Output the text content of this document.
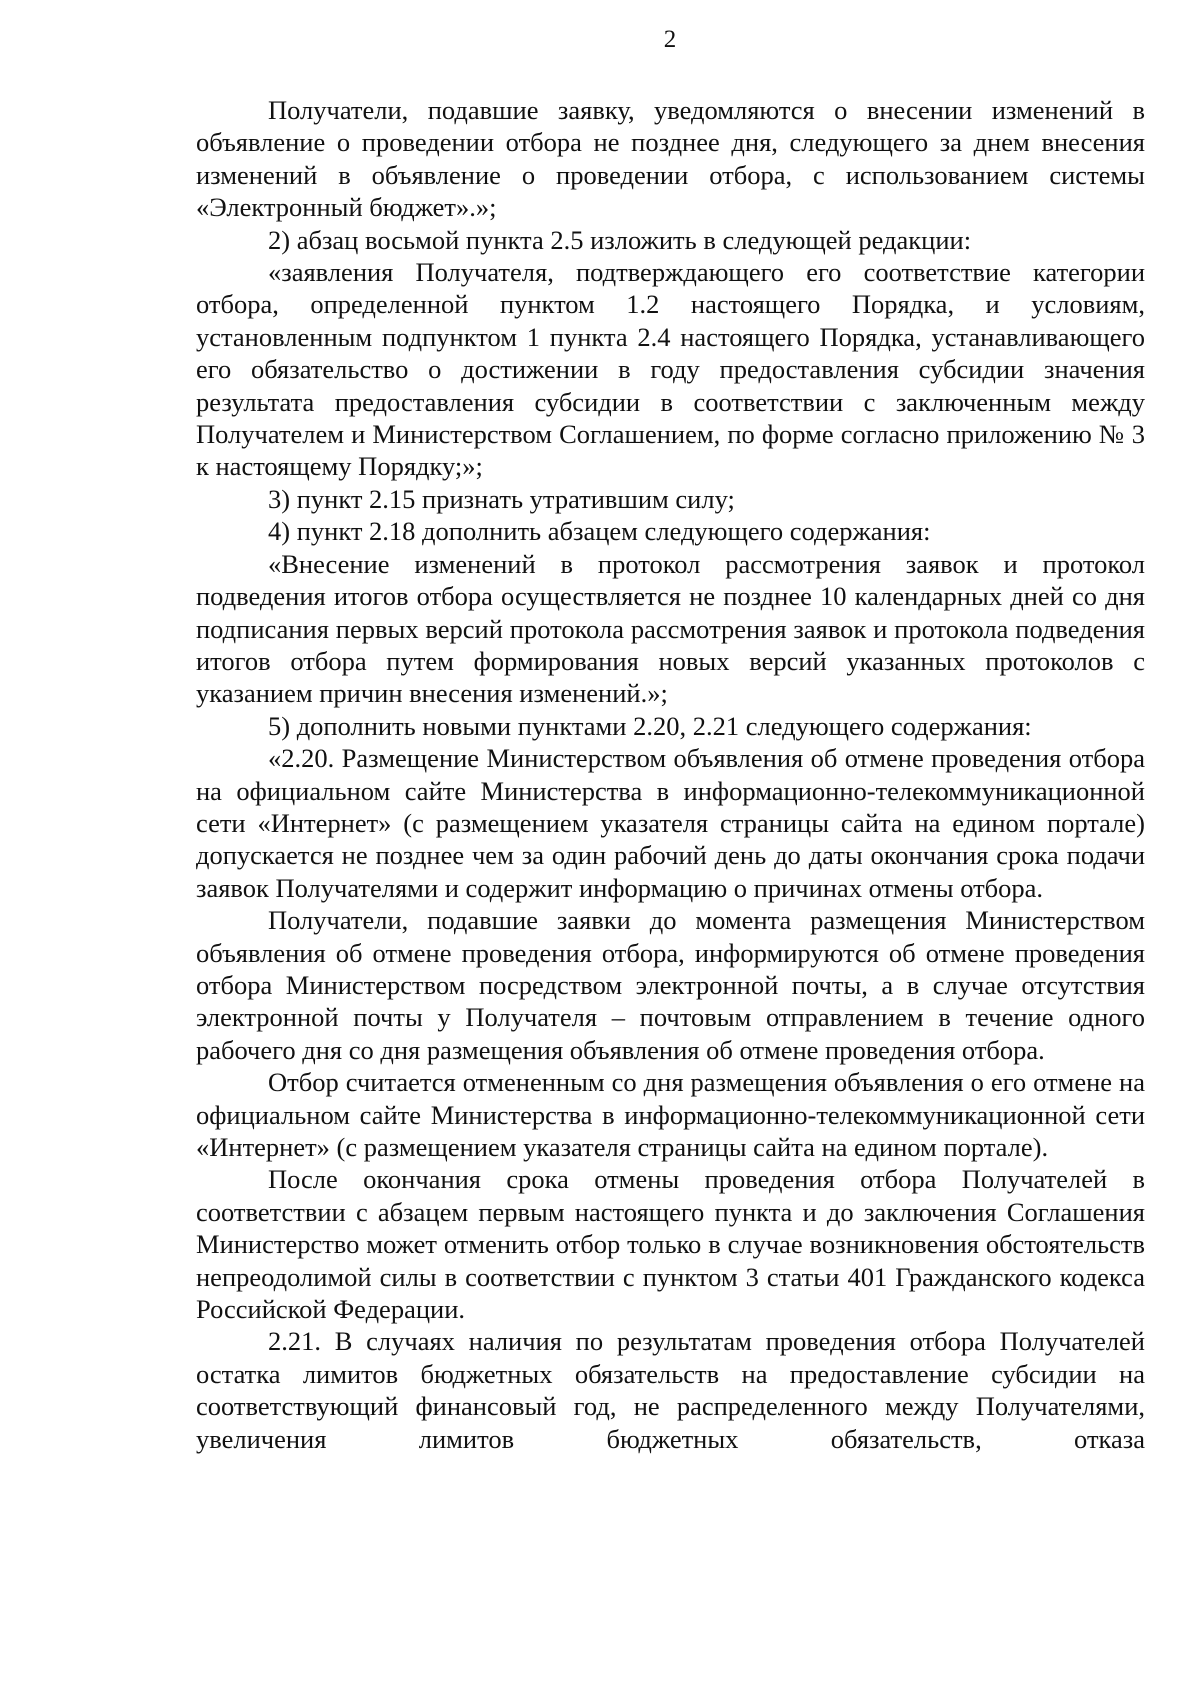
2

Получатели, подавшие заявку, уведомляются о внесении изменений в объявление о проведении отбора не позднее дня, следующего за днем внесения изменений в объявление о проведении отбора, с использованием системы «Электронный бюджет».»;

2) абзац восьмой пункта 2.5 изложить в следующей редакции:

«заявления Получателя, подтверждающего его соответствие категории отбора, определенной пунктом 1.2 настоящего Порядка, и условиям, установленным подпунктом 1 пункта 2.4 настоящего Порядка, устанавливающего его обязательство о достижении в году предоставления субсидии значения результата предоставления субсидии в соответствии с заключенным между Получателем и Министерством Соглашением, по форме согласно приложению № 3 к настоящему Порядку;»;

3) пункт 2.15 признать утратившим силу;

4) пункт 2.18 дополнить абзацем следующего содержания:

«Внесение изменений в протокол рассмотрения заявок и протокол подведения итогов отбора осуществляется не позднее 10 календарных дней со дня подписания первых версий протокола рассмотрения заявок и протокола подведения итогов отбора путем формирования новых версий указанных протоколов с указанием причин внесения изменений.»;

5) дополнить новыми пунктами 2.20, 2.21 следующего содержания:

«2.20. Размещение Министерством объявления об отмене проведения отбора на официальном сайте Министерства в информационно-телекоммуникационной сети «Интернет» (с размещением указателя страницы сайта на едином портале) допускается не позднее чем за один рабочий день до даты окончания срока подачи заявок Получателями и содержит информацию о причинах отмены отбора.

Получатели, подавшие заявки до момента размещения Министерством объявления об отмене проведения отбора, информируются об отмене проведения отбора Министерством посредством электронной почты, а в случае отсутствия электронной почты у Получателя – почтовым отправлением в течение одного рабочего дня со дня размещения объявления об отмене проведения отбора.

Отбор считается отмененным со дня размещения объявления о его отмене на официальном сайте Министерства в информационно-телекоммуникационной сети «Интернет» (с размещением указателя страницы сайта на едином портале).

После окончания срока отмены проведения отбора Получателей в соответствии с абзацем первым настоящего пункта и до заключения Соглашения Министерство может отменить отбор только в случае возникновения обстоятельств непреодолимой силы в соответствии с пунктом 3 статьи 401 Гражданского кодекса Российской Федерации.

2.21. В случаях наличия по результатам проведения отбора Получателей остатка лимитов бюджетных обязательств на предоставление субсидии на соответствующий финансовый год, не распределенного между Получателями, увеличения лимитов бюджетных обязательств, отказа
